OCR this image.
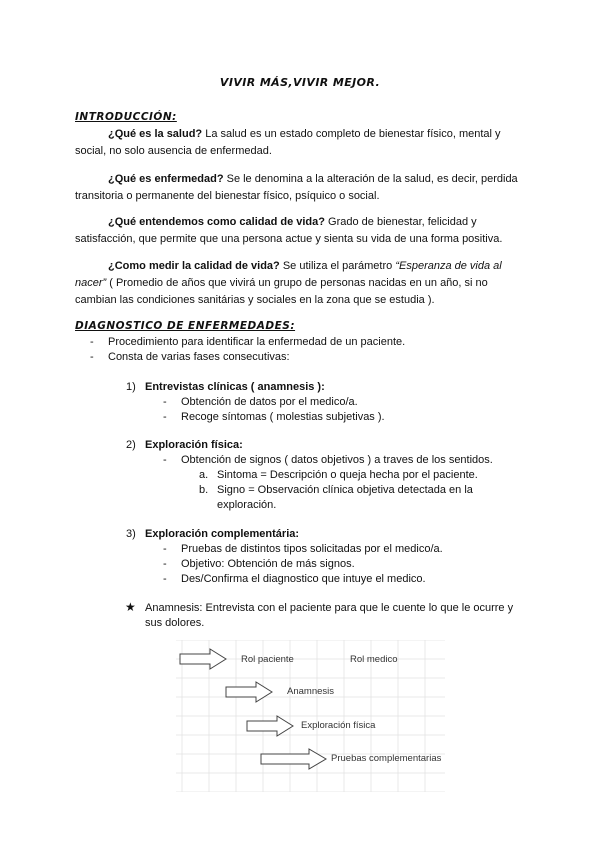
VIVIR MÁS,VIVIR MEJOR.
INTRODUCCIÓN:
¿Qué es la salud? La salud es un estado completo de bienestar físico, mental y
social, no solo ausencia de enfermedad.
¿Qué es enfermedad? Se le denomina a la alteración de la salud, es decir, perdida
transitoria o permanente del bienestar físico, psíquico o social.
¿Qué entendemos como calidad de vida? Grado de bienestar, felicidad y
satisfacción, que permite que una persona actue y sienta su vida de una forma positiva.
¿Como medir la calidad de vida? Se utiliza el parámetro “Esperanza de vida al
nacer” ( Promedio de años que vivirá un grupo de personas nacidas en un año, si no
cambian las condiciones sanitárias y sociales en la zona que se estudia ).
DIAGNOSTICO DE ENFERMEDADES:
- Procedimiento para identificar la enfermedad de un paciente.
- Consta de varias fases consecutivas:
1) Entrevistas clínicas ( anamnesis ):
- Obtención de datos por el medico/a.
- Recoge síntomas ( molestias subjetivas ).
2) Exploración física:
- Obtención de signos ( datos objetivos ) a traves de los sentidos.
a. Sintoma = Descripción o queja hecha por el paciente.
b. Signo = Observación clínica objetiva detectada en la
exploración.
3) Exploración complementária:
- Pruebas de distintos tipos solicitadas por el medico/a.
- Objetivo: Obtención de más signos.
- Des/Confirma el diagnostico que intuye el medico.
★ Anamnesis: Entrevista con el paciente para que le cuente lo que le ocurre y
sus dolores.
Rol paciente	Rol medico
Anamnesis
Exploración física
Pruebas complementarias
